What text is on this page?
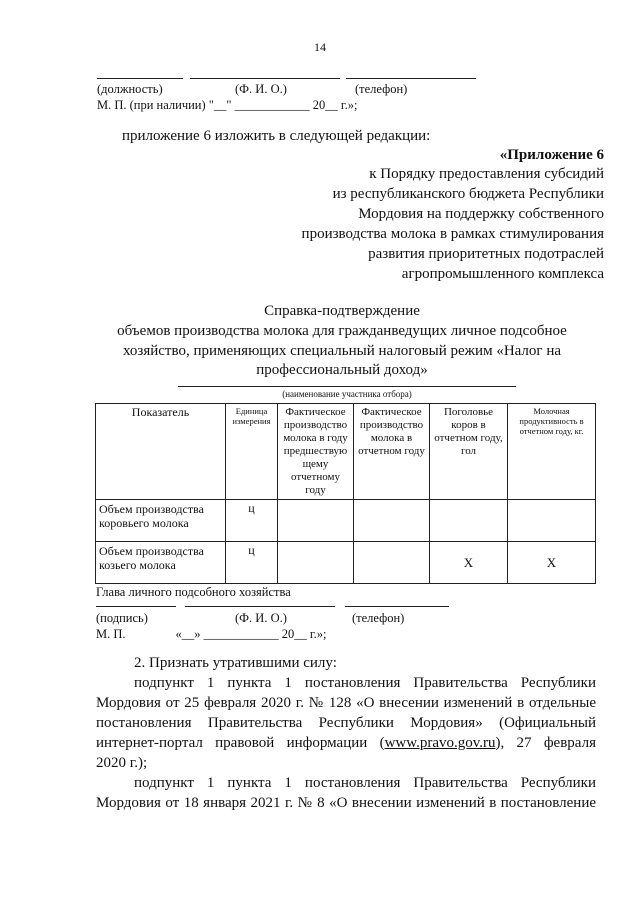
14
(должность)	(Ф. И. О.)	(телефон)
М. П. (при наличии) "__" ____________ 20__ г.»;
приложение 6 изложить в следующей редакции:
«Приложение 6
к Порядку предоставления субсидий
из республиканского бюджета Республики
Мордовия на поддержку собственного
производства молока в рамках стимулирования
развития приоритетных подотраслей
агропромышленного комплекса
Справка-подтверждение
объемов производства молока для гражданведущих личное подсобное
хозяйство, применяющих специальный налоговый режим «Налог на
профессиональный доход»
(наименование участника отбора)
Показатель	Единица измерения	Фактическое производство молока в году предшествую щему отчетному году	Фактическое производство молока в отчетном году	Поголовье коров в отчетном году, гол	Молочная продуктивность в отчетном году, кг.
Объем производства коровьего молока	ц				
Объем производства козьего молока	ц			Х	Х
Глава личного подсобного хозяйства
(подпись)	(Ф. И. О.)	(телефон)
М. П.                «__» ____________ 20__ г.»;
2. Признать утратившими силу:
подпункт 1 пункта 1 постановления Правительства Республики
Мордовия от 25 февраля 2020 г. № 128 «О внесении изменений в отдельные
постановления Правительства Республики Мордовия» (Официальный
интернет-портал правовой информации (www.pravo.gov.ru), 27 февраля
2020 г.);
подпункт 1 пункта 1 постановления Правительства Республики
Мордовия от 18 января 2021 г. № 8 «О внесении изменений в постановление
